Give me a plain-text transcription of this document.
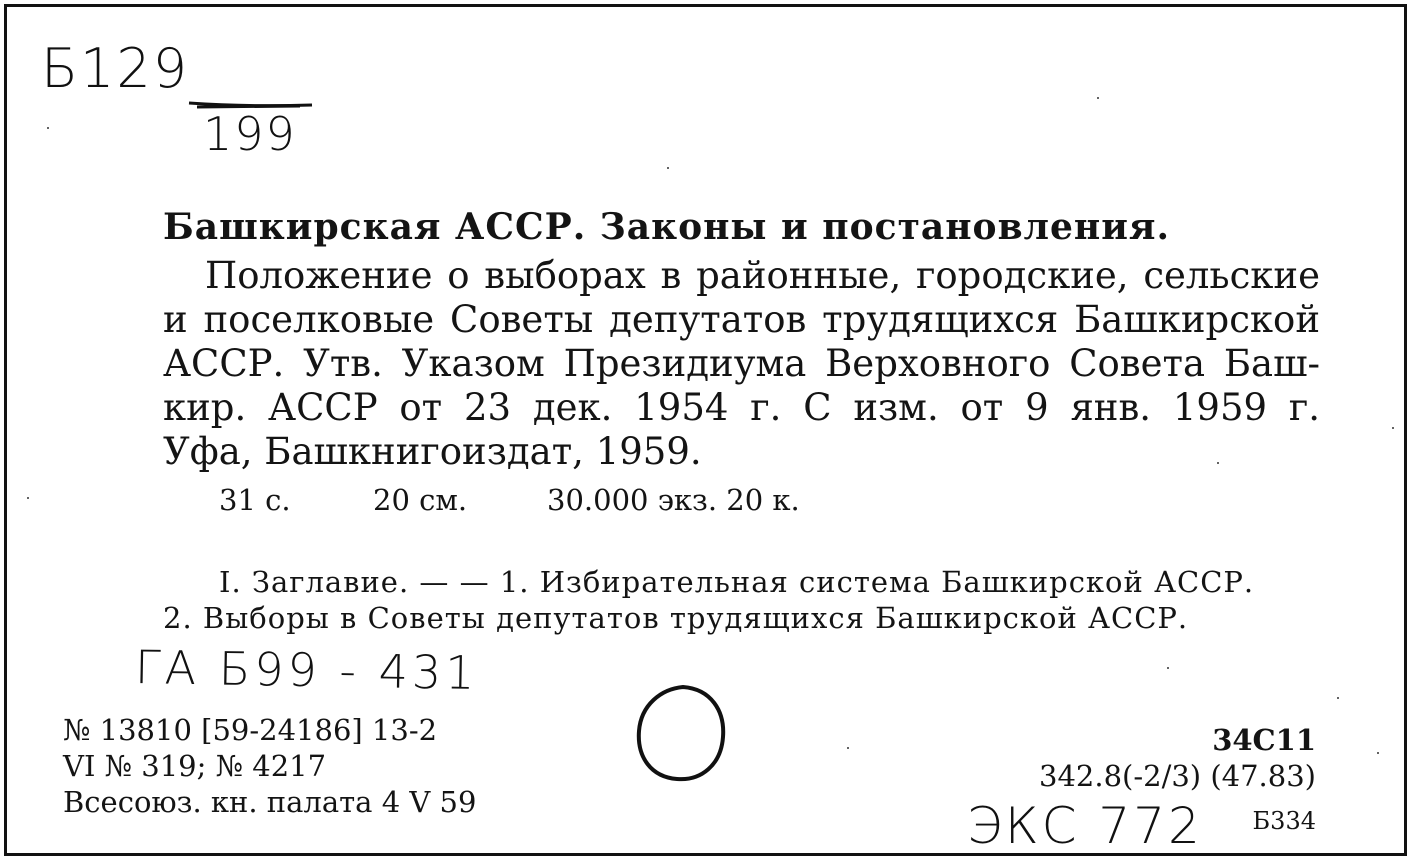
Б129
199
Башкирская АССР. Законы и постановления.
Положение о выборах в районные, городские, сельские
и поселковые Советы депутатов трудящихся Башкирской
АССР. Утв. Указом Президиума Верховного Совета Баш-
кир. АССР от 23 дек. 1954 г. С изм. от 9 янв. 1959 г.
Уфа, Башкнигоиздат, 1959.
31 с.	20 см.	30.000 экз. 20 к.
I. Заглавие. — — 1. Избирательная система Башкирской АССР.
2. Выборы в Советы депутатов трудящихся Башкирской АССР.
ГА Б99 - 431
№ 13810 [59-24186] 13-2
VI № 319; № 4217
Всесоюз. кн. палата 4 V 59
34С11
342.8(-2/3) (47.83)
ЭКС 772 Б334
